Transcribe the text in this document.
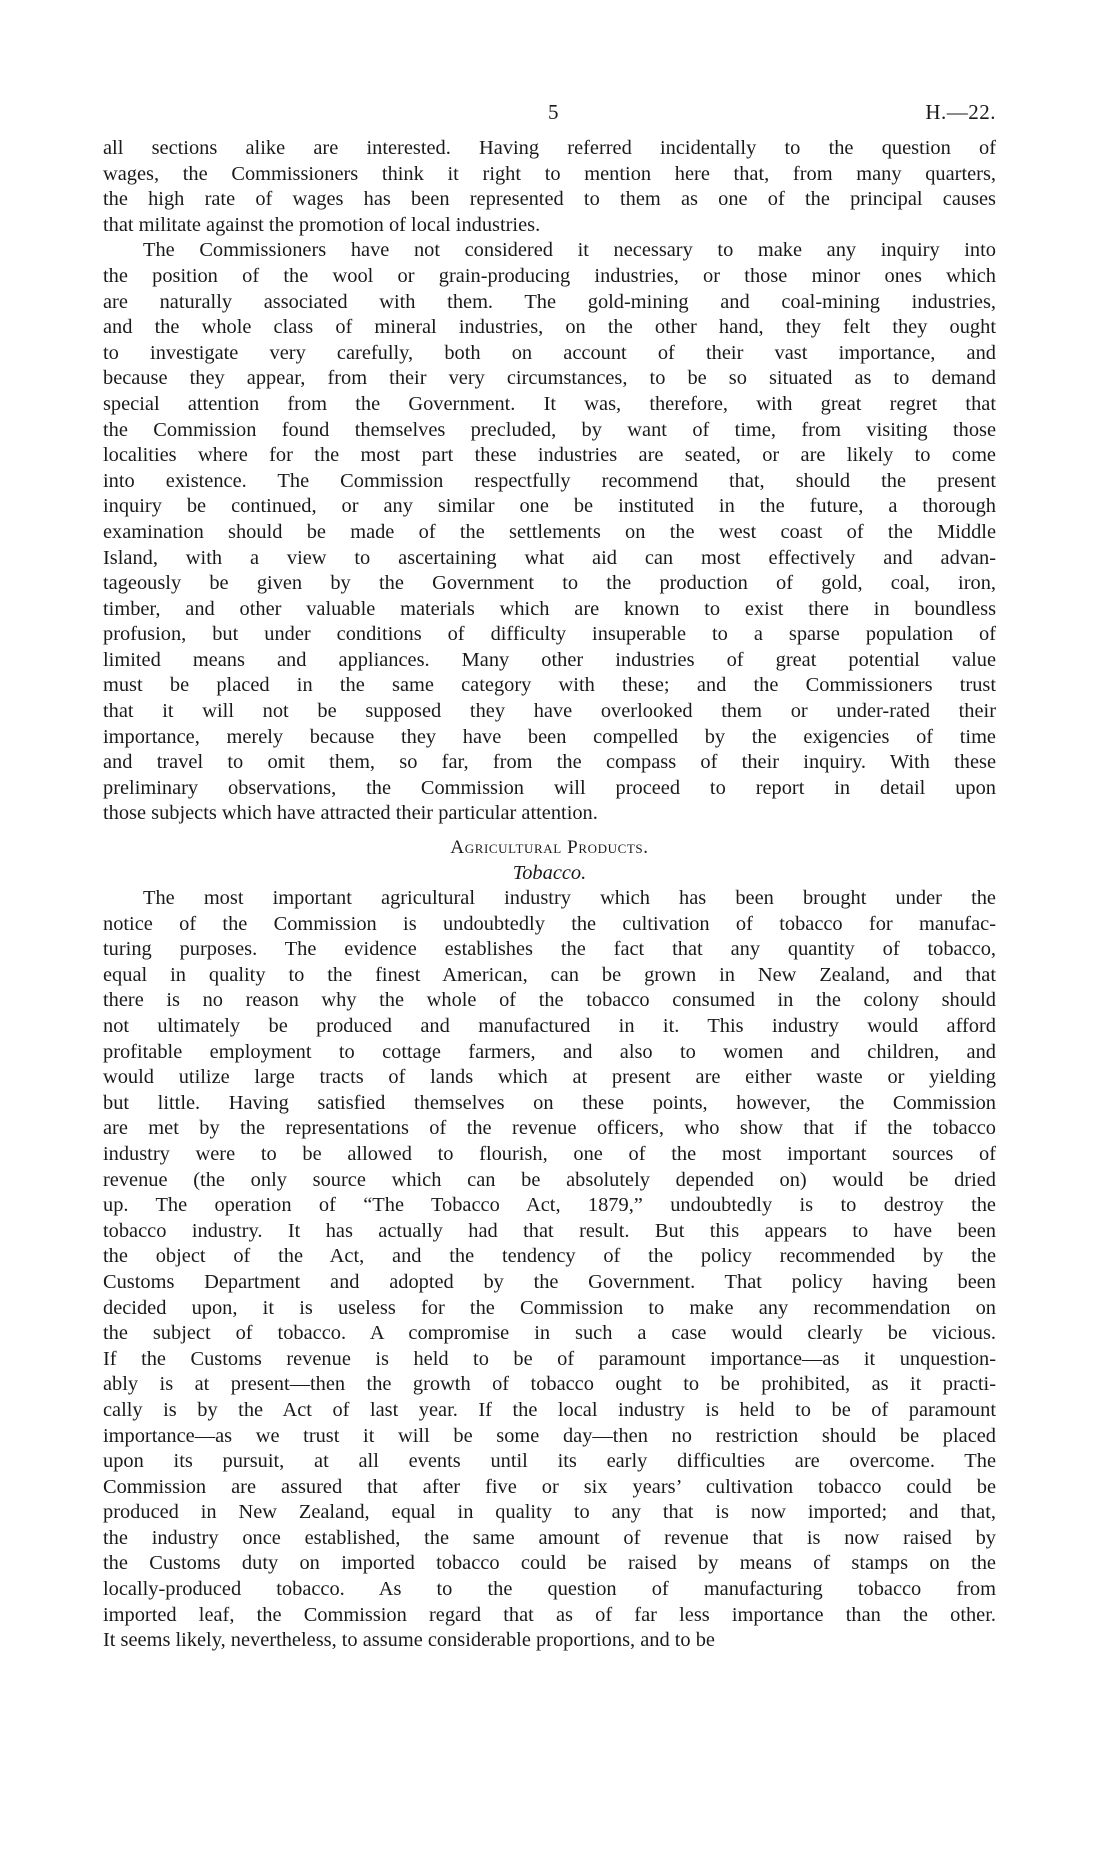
5	H.—22.
all sections alike are interested. Having referred incidentally to the question of
wages, the Commissioners think it right to mention here that, from many quarters,
the high rate of wages has been represented to them as one of the principal causes
that militate against the promotion of local industries.
The Commissioners have not considered it necessary to make any inquiry into
the position of the wool or grain-producing industries, or those minor ones which
are naturally associated with them. The gold-mining and coal-mining industries,
and the whole class of mineral industries, on the other hand, they felt they ought
to investigate very carefully, both on account of their vast importance, and
because they appear, from their very circumstances, to be so situated as to demand
special attention from the Government. It was, therefore, with great regret that
the Commission found themselves precluded, by want of time, from visiting those
localities where for the most part these industries are seated, or are likely to come
into existence. The Commission respectfully recommend that, should the present
inquiry be continued, or any similar one be instituted in the future, a thorough
examination should be made of the settlements on the west coast of the Middle
Island, with a view to ascertaining what aid can most effectively and advan-
tageously be given by the Government to the production of gold, coal, iron,
timber, and other valuable materials which are known to exist there in boundless
profusion, but under conditions of difficulty insuperable to a sparse population of
limited means and appliances. Many other industries of great potential value
must be placed in the same category with these; and the Commissioners trust
that it will not be supposed they have overlooked them or under-rated their
importance, merely because they have been compelled by the exigencies of time
and travel to omit them, so far, from the compass of their inquiry. With these
preliminary observations, the Commission will proceed to report in detail upon
those subjects which have attracted their particular attention.
Agricultural Products.
Tobacco.
The most important agricultural industry which has been brought under the
notice of the Commission is undoubtedly the cultivation of tobacco for manufac-
turing purposes. The evidence establishes the fact that any quantity of tobacco,
equal in quality to the finest American, can be grown in New Zealand, and that
there is no reason why the whole of the tobacco consumed in the colony should
not ultimately be produced and manufactured in it. This industry would afford
profitable employment to cottage farmers, and also to women and children, and
would utilize large tracts of lands which at present are either waste or yielding
but little. Having satisfied themselves on these points, however, the Commission
are met by the representations of the revenue officers, who show that if the tobacco
industry were to be allowed to flourish, one of the most important sources of
revenue (the only source which can be absolutely depended on) would be dried
up. The operation of “The Tobacco Act, 1879,” undoubtedly is to destroy the
tobacco industry. It has actually had that result. But this appears to have been
the object of the Act, and the tendency of the policy recommended by the
Customs Department and adopted by the Government. That policy having been
decided upon, it is useless for the Commission to make any recommendation on
the subject of tobacco. A compromise in such a case would clearly be vicious.
If the Customs revenue is held to be of paramount importance—as it unquestion-
ably is at present—then the growth of tobacco ought to be prohibited, as it practi-
cally is by the Act of last year. If the local industry is held to be of paramount
importance—as we trust it will be some day—then no restriction should be placed
upon its pursuit, at all events until its early difficulties are overcome. The
Commission are assured that after five or six years’ cultivation tobacco could be
produced in New Zealand, equal in quality to any that is now imported; and that,
the industry once established, the same amount of revenue that is now raised by
the Customs duty on imported tobacco could be raised by means of stamps on the
locally-produced tobacco. As to the question of manufacturing tobacco from
imported leaf, the Commission regard that as of far less importance than the other.
It seems likely, nevertheless, to assume considerable proportions, and to be
